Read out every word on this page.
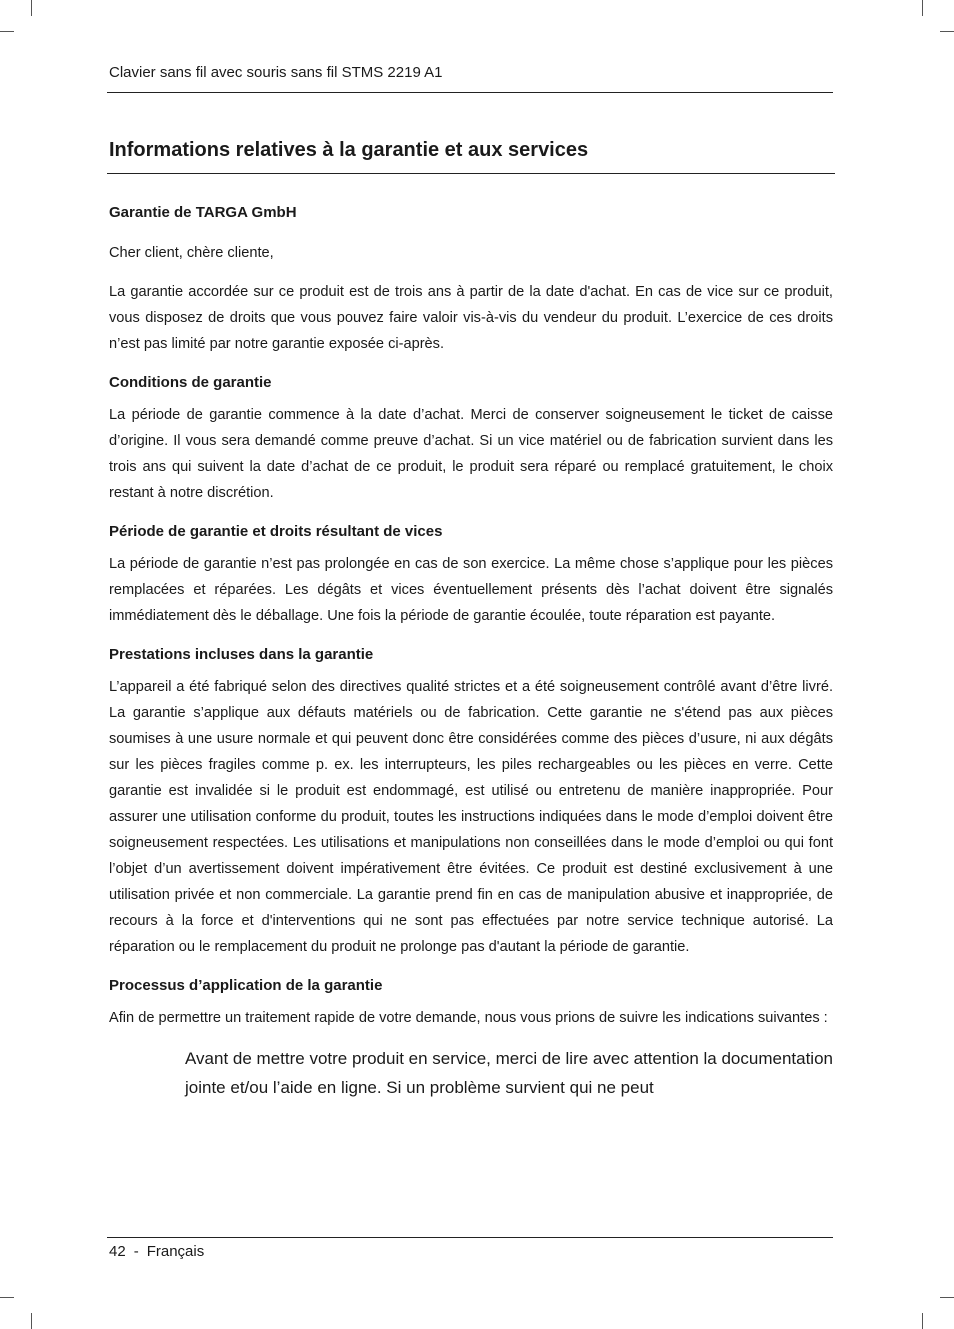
Clavier sans fil avec souris sans fil STMS 2219 A1
Informations relatives à la garantie et aux services
Garantie de TARGA GmbH

Cher client, chère cliente,

La garantie accordée sur ce produit est de trois ans à partir de la date d'achat. En cas de vice sur ce produit, vous disposez de droits que vous pouvez faire valoir vis-à-vis du vendeur du produit. L’exercice de ces droits n’est pas limité par notre garantie exposée ci-après.

Conditions de garantie

La période de garantie commence à la date d’achat. Merci de conserver soigneusement le ticket de caisse d’origine. Il vous sera demandé comme preuve d’achat. Si un vice matériel ou de fabrication survient dans les trois ans qui suivent la date d’achat de ce produit, le produit sera réparé ou remplacé gratuitement, le choix restant à notre discrétion.

Période de garantie et droits résultant de vices

La période de garantie n’est pas prolongée en cas de son exercice. La même chose s’applique pour les pièces remplacées et réparées. Les dégâts et vices éventuellement présents dès l’achat doivent être signalés immédiatement dès le déballage. Une fois la période de garantie écoulée, toute réparation est payante.

Prestations incluses dans la garantie

L’appareil a été fabriqué selon des directives qualité strictes et a été soigneusement contrôlé avant d’être livré. La garantie s’applique aux défauts matériels ou de fabrication. Cette garantie ne s'étend pas aux pièces soumises à une usure normale et qui peuvent donc être considérées comme des pièces d’usure, ni aux dégâts sur les pièces fragiles comme p. ex. les interrupteurs, les piles rechargeables ou les pièces en verre. Cette garantie est invalidée si le produit est endommagé, est utilisé ou entretenu de manière inappropriée. Pour assurer une utilisation conforme du produit, toutes les instructions indiquées dans le mode d’emploi doivent être soigneusement respectées. Les utilisations et manipulations non conseillées dans le mode d’emploi ou qui font l’objet d’un avertissement doivent impérativement être évitées. Ce produit est destiné exclusivement à une utilisation privée et non commerciale. La garantie prend fin en cas de manipulation abusive et inappropriée, de recours à la force et d'interventions qui ne sont pas effectuées par notre service technique autorisé. La réparation ou le remplacement du produit ne prolonge pas d'autant la période de garantie.

Processus d’application de la garantie

Afin de permettre un traitement rapide de votre demande, nous vous prions de suivre les indications suivantes :

Avant de mettre votre produit en service, merci de lire avec attention la documentation jointe et/ou l’aide en ligne. Si un problème survient qui ne peut

42 - Français
